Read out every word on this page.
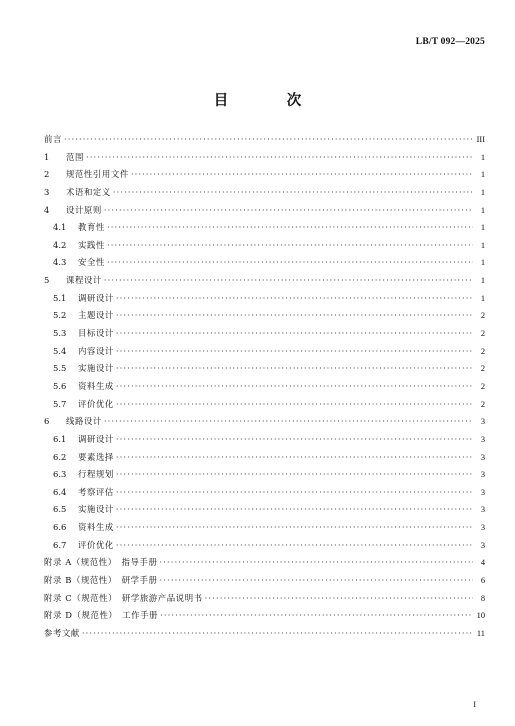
LB/T 092—2025
目　次
前言 ·····	III
1	范围 ·····	1
2	规范性引用文件 ·····	1
3	术语和定义 ·····	1
4	设计原则 ·····	1
4.1	教育性 ·····	1
4.2	实践性 ·····	1
4.3	安全性 ·····	1
5	课程设计 ·····	1
5.1	调研设计 ·····	1
5.2	主题设计 ·····	2
5.3	目标设计 ·····	2
5.4	内容设计 ·····	2
5.5	实施设计 ·····	2
5.6	资料生成 ·····	2
5.7	评价优化 ·····	2
6	线路设计 ·····	3
6.1	调研设计 ·····	3
6.2	要素选择 ·····	3
6.3	行程规划 ·····	3
6.4	考察评估 ·····	3
6.5	实施设计 ·····	3
6.6	资料生成 ·····	3
6.7	评价优化 ·····	3
附录 A（规范性）　指导手册 ·····	4
附录 B（规范性）　研学手册 ·····	6
附录 C（规范性）　研学旅游产品说明书 ·····	8
附录 D（规范性）　工作手册 ·····	10
参考文献 ·····	11
I
